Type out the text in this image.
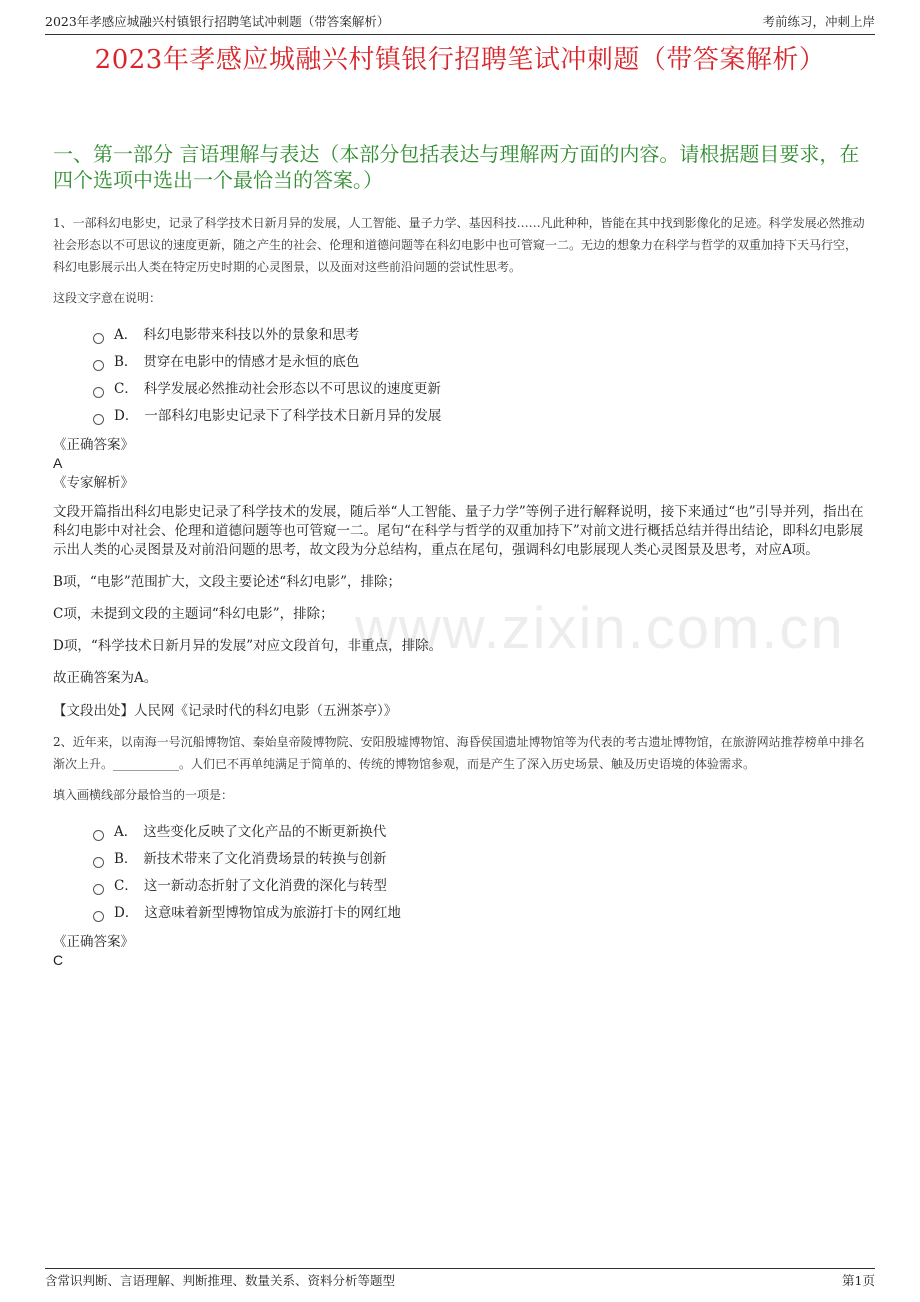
2023年孝感应城融兴村镇银行招聘笔试冲刺题（带答案解析）	考前练习，冲刺上岸
2023年孝感应城融兴村镇银行招聘笔试冲刺题（带答案解析）
一、第一部分 言语理解与表达（本部分包括表达与理解两方面的内容。请根据题目要求，在四个选项中选出一个最恰当的答案。）

1、一部科幻电影史，记录了科学技术日新月异的发展，人工智能、量子力学、基因科技……凡此种种，皆能在其中找到影像化的足迹。科学发展必然推动社会形态以不可思议的速度更新，随之产生的社会、伦理和道德问题等在科幻电影中也可管窥一二。无边的想象力在科学与哲学的双重加持下天马行空，科幻电影展示出人类在特定历史时期的心灵图景，以及面对这些前沿问题的尝试性思考。

这段文字意在说明：

A． 科幻电影带来科技以外的景象和思考
B． 贯穿在电影中的情感才是永恒的底色
C． 科学发展必然推动社会形态以不可思议的速度更新
D． 一部科幻电影史记录下了科学技术日新月异的发展
《正确答案》
A
《专家解析》

文段开篇指出科幻电影史记录了科学技术的发展，随后举“人工智能、量子力学”等例子进行解释说明，接下来通过“也”引导并列，指出在科幻电影中对社会、伦理和道德问题等也可管窥一二。尾句“在科学与哲学的双重加持下”对前文进行概括总结并得出结论，即科幻电影展示出人类的心灵图景及对前沿问题的思考，故文段为分总结构，重点在尾句，强调科幻电影展现人类心灵图景及思考，对应A项。

B项，“电影”范围扩大，文段主要论述“科幻电影”，排除；

C项，未提到文段的主题词“科幻电影”，排除；

D项，“科学技术日新月异的发展”对应文段首句，非重点，排除。

故正确答案为A。

【文段出处】人民网《记录时代的科幻电影（五洲茶亭）》

2、近年来，以南海一号沉船博物馆、秦始皇帝陵博物院、安阳殷墟博物馆、海昏侯国遗址博物馆等为代表的考古遗址博物馆，在旅游网站推荐榜单中排名渐次上升。___________。人们已不再单纯满足于简单的、传统的博物馆参观，而是产生了深入历史场景、触及历史语境的体验需求。

填入画横线部分最恰当的一项是：

A． 这些变化反映了文化产品的不断更新换代
B． 新技术带来了文化消费场景的转换与创新
C． 这一新动态折射了文化消费的深化与转型
D． 这意味着新型博物馆成为旅游打卡的网红地
《正确答案》
C
www.zixin.com.cn
含常识判断、言语理解、判断推理、数量关系、资料分析等题型	第1页
